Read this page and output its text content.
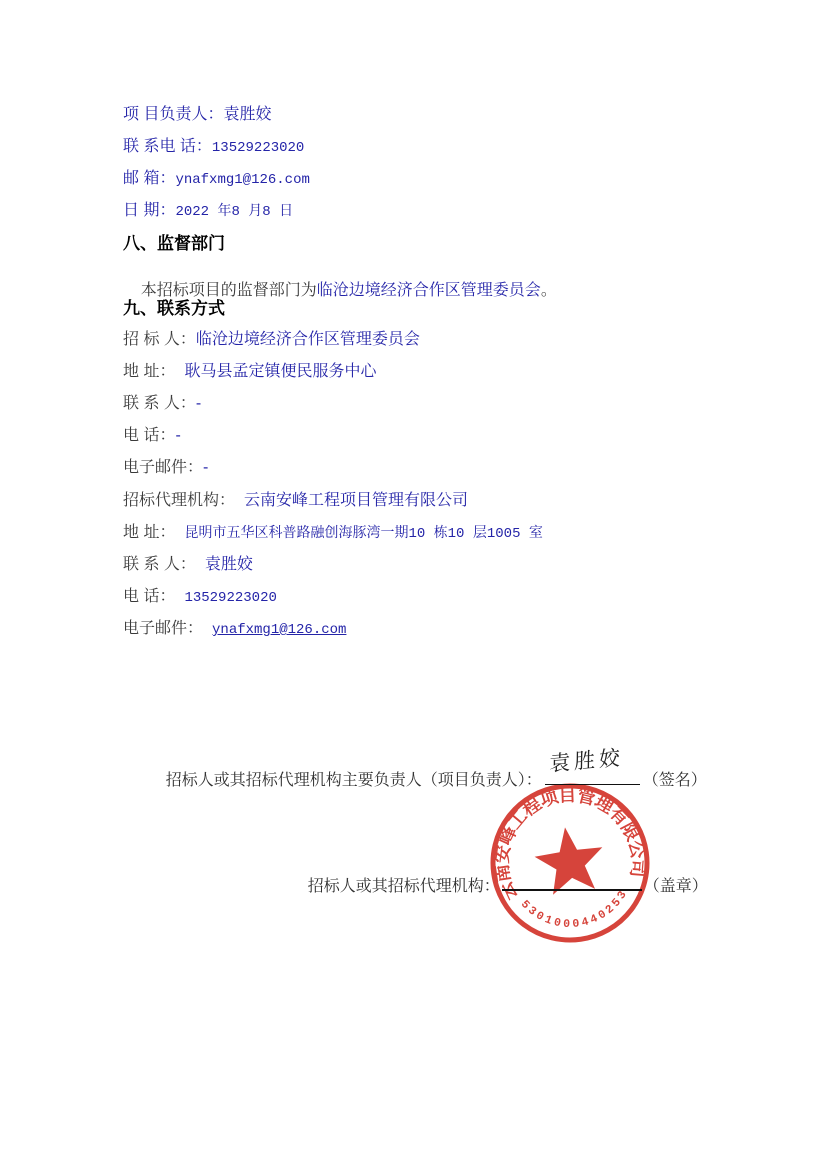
项 目负责人：袁胜姣
联 系电 话：13529223020
邮 箱：ynafxmg1@126.com
日 期：2022 年8 月8 日
八、监督部门

本招标项目的监督部门为临沧边境经济合作区管理委员会。

九、联系方式
招 标 人：临沧边境经济合作区管理委员会
地 址： 耿马县孟定镇便民服务中心
联 系 人：-
电 话：-
电子邮件：-
招标代理机构： 云南安峰工程项目管理有限公司
地 址： 昆明市五华区科普路融创海豚湾一期10 栋10 层1005 室
联 系 人： 袁胜姣
电 话： 13529223020
电子邮件： ynafxmg1@126.com

招标人或其招标代理机构主要负责人（项目负责人）：
袁胜姣
（签名）

招标人或其招标代理机构：	（盖章）

云南安峰工程项目管理有限公司
5301000440253
